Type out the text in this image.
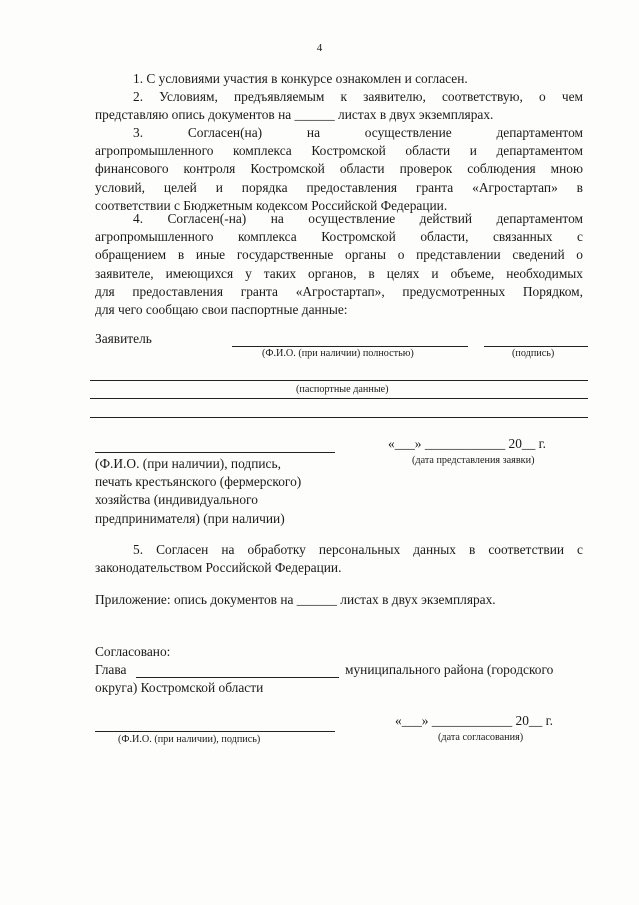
4
1. С условиями участия в конкурсе ознакомлен и согласен.
2. Условиям, предъявляемым к заявителю, соответствую, о чем
представляю опись документов на ______ листах в двух экземплярах.
3. Согласен(на) на осуществление департаментом
агропромышленного комплекса Костромской области и департаментом
финансового контроля Костромской области проверок соблюдения мною
условий, целей и порядка предоставления гранта «Агростартап» в
соответствии с Бюджетным кодексом Российской Федерации.
4. Согласен(-на) на осуществление действий департаментом
агропромышленного комплекса Костромской области, связанных с
обращением в иные государственные органы о представлении сведений о
заявителе, имеющихся у таких органов, в целях и объеме, необходимых
для предоставления гранта «Агростартап», предусмотренных Порядком,
для чего сообщаю свои паспортные данные:
Заявитель
(Ф.И.О. (при наличии) полностью)	(подпись)
(паспортные данные)
«___» ____________ 20__ г.
(дата представления заявки)
(Ф.И.О. (при наличии), подпись,
печать крестьянского (фермерского)
хозяйства (индивидуального
предпринимателя) (при наличии)
5. Согласен на обработку персональных данных в соответствии с
законодательством Российской Федерации.
Приложение: опись документов на ______ листах в двух экземплярах.
Согласовано:
Глава	муниципального района (городского
округа) Костромской области
(Ф.И.О. (при наличии), подпись)
«___» ____________ 20__ г.
(дата согласования)
